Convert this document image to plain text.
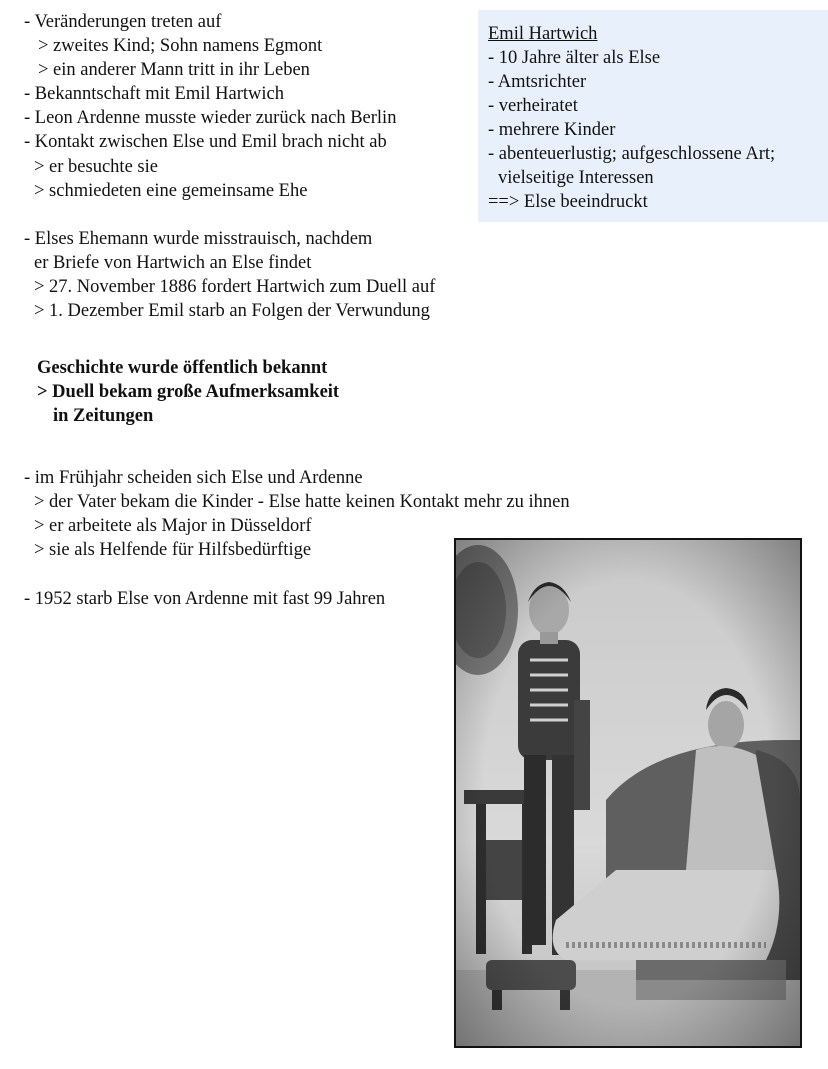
- Veränderungen treten auf
> zweites Kind; Sohn namens Egmont
> ein anderer Mann tritt in ihr Leben
- Bekanntschaft mit Emil Hartwich
- Leon Ardenne musste wieder zurück nach Berlin
- Kontakt zwischen Else und Emil brach nicht ab
> er besuchte sie
> schmiedeten eine gemeinsame Ehe
Emil Hartwich
- 10 Jahre älter als Else
- Amtsrichter
- verheiratet
- mehrere Kinder
- abenteuerlustig; aufgeschlossene Art;
vielseitige Interessen
==> Else beeindruckt
- Elses Ehemann wurde misstrauisch, nachdem
er Briefe von Hartwich an Else findet
> 27. November 1886 fordert Hartwich zum Duell auf
> 1. Dezember Emil starb an Folgen der Verwundung
Geschichte wurde öffentlich bekannt
> Duell bekam große Aufmerksamkeit
in Zeitungen
- im Frühjahr scheiden sich Else und Ardenne
> der Vater bekam die Kinder - Else hatte keinen Kontakt mehr zu ihnen
> er arbeitete als Major in Düsseldorf
> sie als Helfende für Hilfsbedürftige
- 1952 starb Else von Ardenne mit fast 99 Jahren
